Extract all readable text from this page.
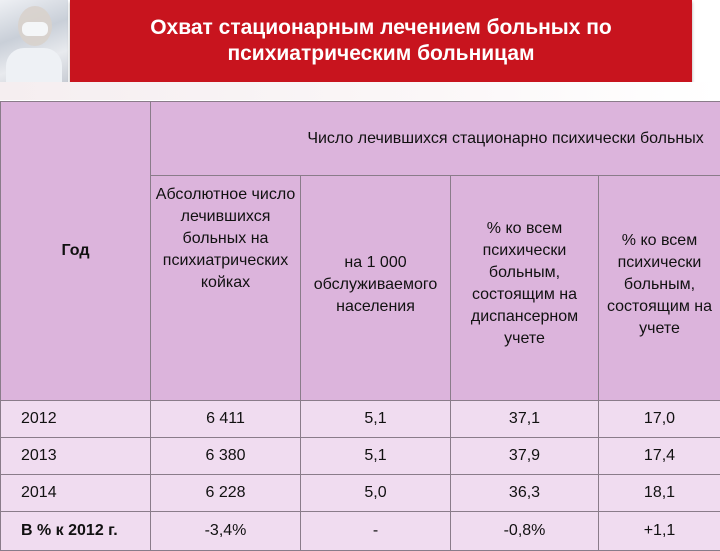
Охват стационарным лечением больных по психиатрическим больницам
Год	Число лечившихся стационарно психически больных			

	Абсолютное число лечившихся больных на психиатрических койках	на 1 000 обслуживаемого населения	% ко всем психически больным, состоящим на диспансерном учете	% ко всем психически больным, состоящим на учете
2012	6 411	5,1	37,1	17,0
2013	6 380	5,1	37,9	17,4
2014	6 228	5,0	36,3	18,1
В % к 2012 г.	-3,4%	-	-0,8%	+1,1
